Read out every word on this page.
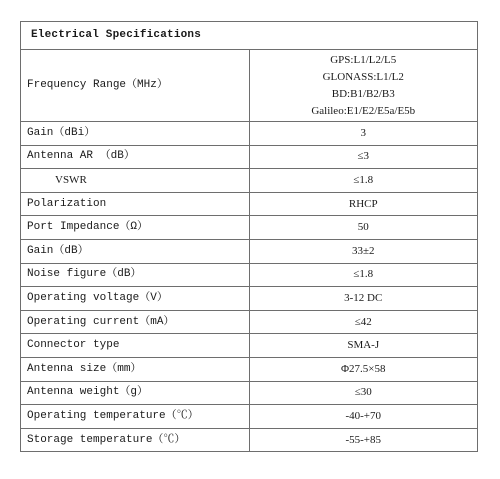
Electrical Specifications	
Frequency Range（MHz）	GPS:L1/L2/L5
GLONASS:L1/L2
BD:B1/B2/B3
Galileo:E1/E2/E5a/E5b

Gain（dBi）	3
Antenna AR （dB）	≤3
VSWR	≤1.8
Polarization	RHCP
Port Impedance（Ω）	50
Gain（dB）	33±2
Noise figure（dB）	≤1.8
Operating voltage（V）	3-12 DC
Operating current（mA）	≤42
Connector type	SMA-J
Antenna size（mm）	Φ27.5×58
Antenna weight（g）	≤30
Operating temperature（℃）	-40-+70
Storage temperature（℃）	-55-+85
